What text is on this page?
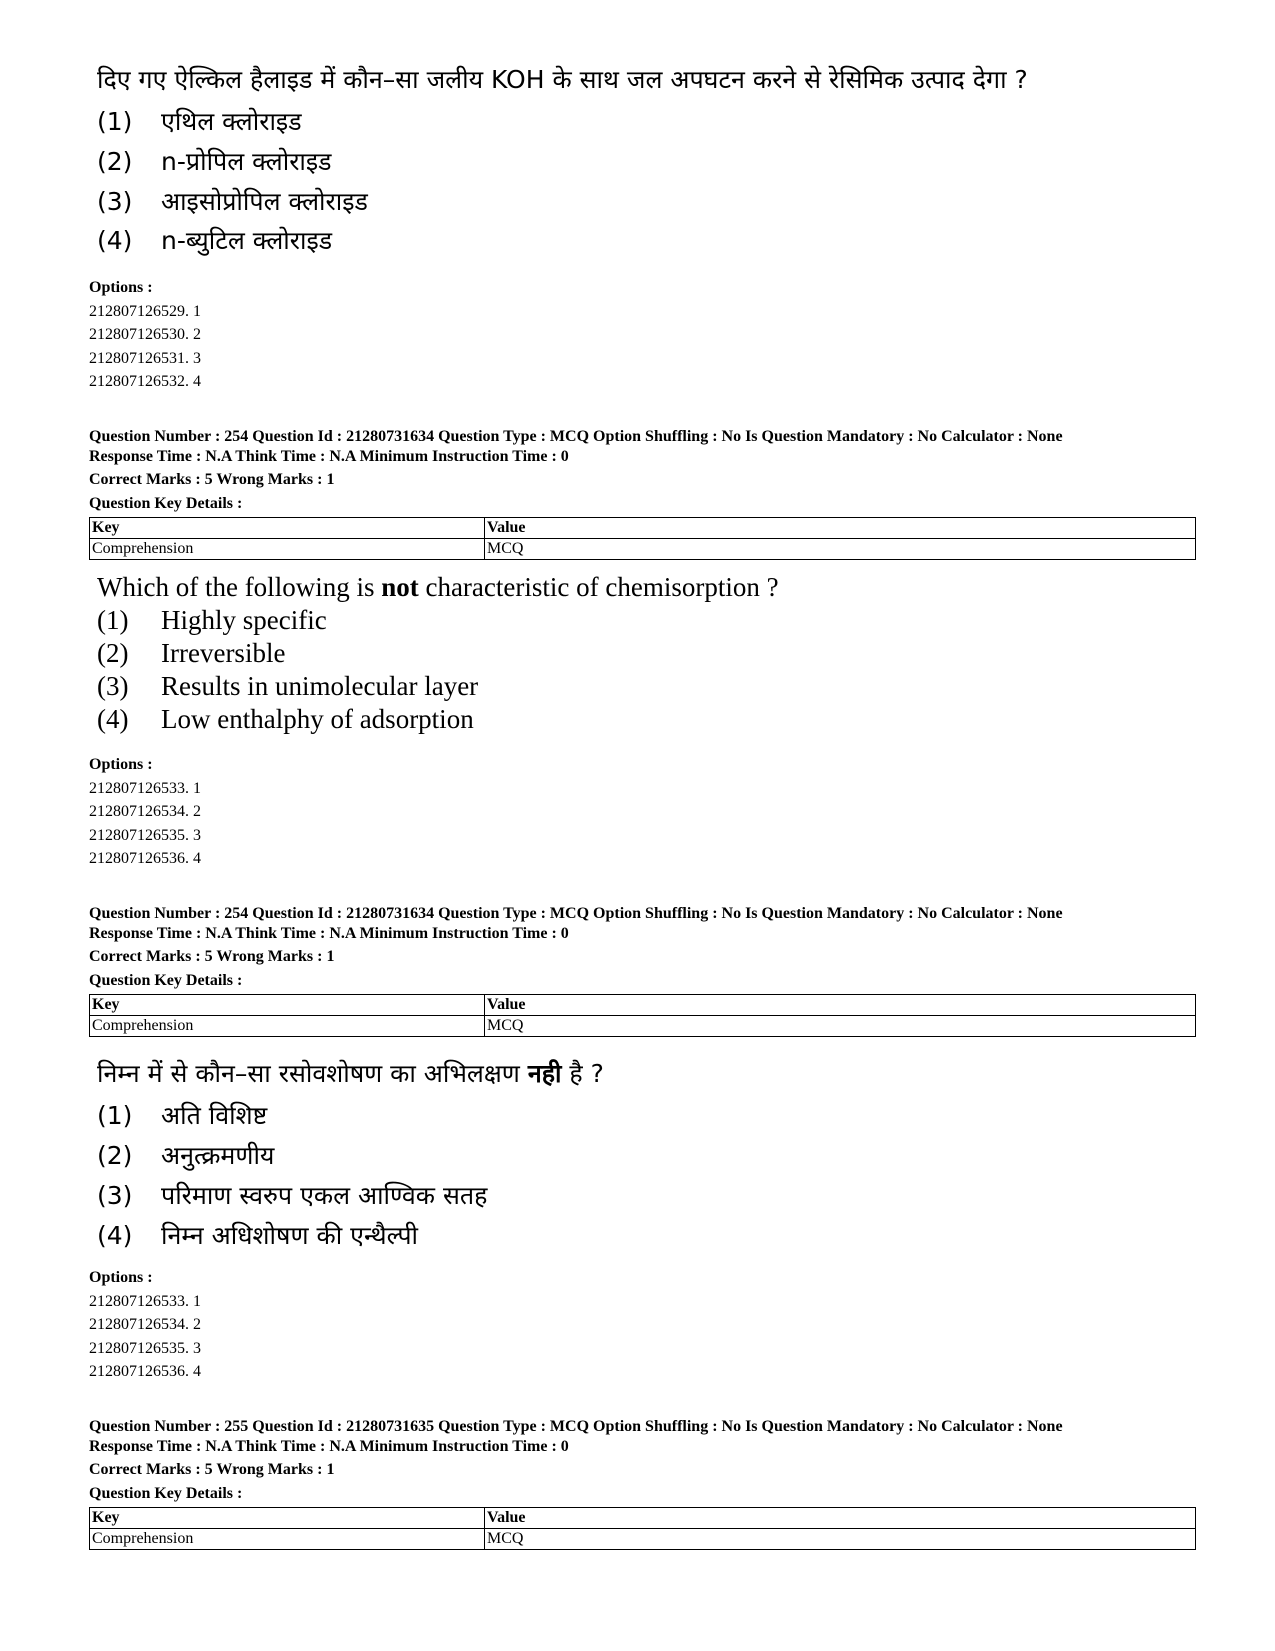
दिए गए ऐल्किल हैलाइड में कौन–सा जलीय KOH के साथ जल अपघटन करने से रेसिमिक उत्पाद देगा ?
(1) एथिल क्लोराइड
(2) n-प्रोपिल क्लोराइड
(3) आइसोप्रोपिल क्लोराइड
(4) n-ब्युटिल क्लोराइड
Options :
212807126529. 1
212807126530. 2
212807126531. 3
212807126532. 4
Question Number : 254 Question Id : 21280731634 Question Type : MCQ Option Shuffling : No Is Question Mandatory : No Calculator : None
Response Time : N.A Think Time : N.A Minimum Instruction Time : 0
Correct Marks : 5 Wrong Marks : 1
Question Key Details :
Key	Value
Comprehension	MCQ
Which of the following is not characteristic of chemisorption ?
(1) Highly specific
(2) Irreversible
(3) Results in unimolecular layer
(4) Low enthalphy of adsorption
Options :
212807126533. 1
212807126534. 2
212807126535. 3
212807126536. 4
Question Number : 254 Question Id : 21280731634 Question Type : MCQ Option Shuffling : No Is Question Mandatory : No Calculator : None
Response Time : N.A Think Time : N.A Minimum Instruction Time : 0
Correct Marks : 5 Wrong Marks : 1
Question Key Details :
Key	Value
Comprehension	MCQ
निम्न में से कौन–सा रसोवशोषण का अभिलक्षण नही है ?
(1) अति विशिष्ट
(2) अनुत्क्रमणीय
(3) परिमाण स्वरुप एकल आण्विक सतह
(4) निम्न अधिशोषण की एन्थैल्पी
Options :
212807126533. 1
212807126534. 2
212807126535. 3
212807126536. 4
Question Number : 255 Question Id : 21280731635 Question Type : MCQ Option Shuffling : No Is Question Mandatory : No Calculator : None
Response Time : N.A Think Time : N.A Minimum Instruction Time : 0
Correct Marks : 5 Wrong Marks : 1
Question Key Details :
Key	Value
Comprehension	MCQ
